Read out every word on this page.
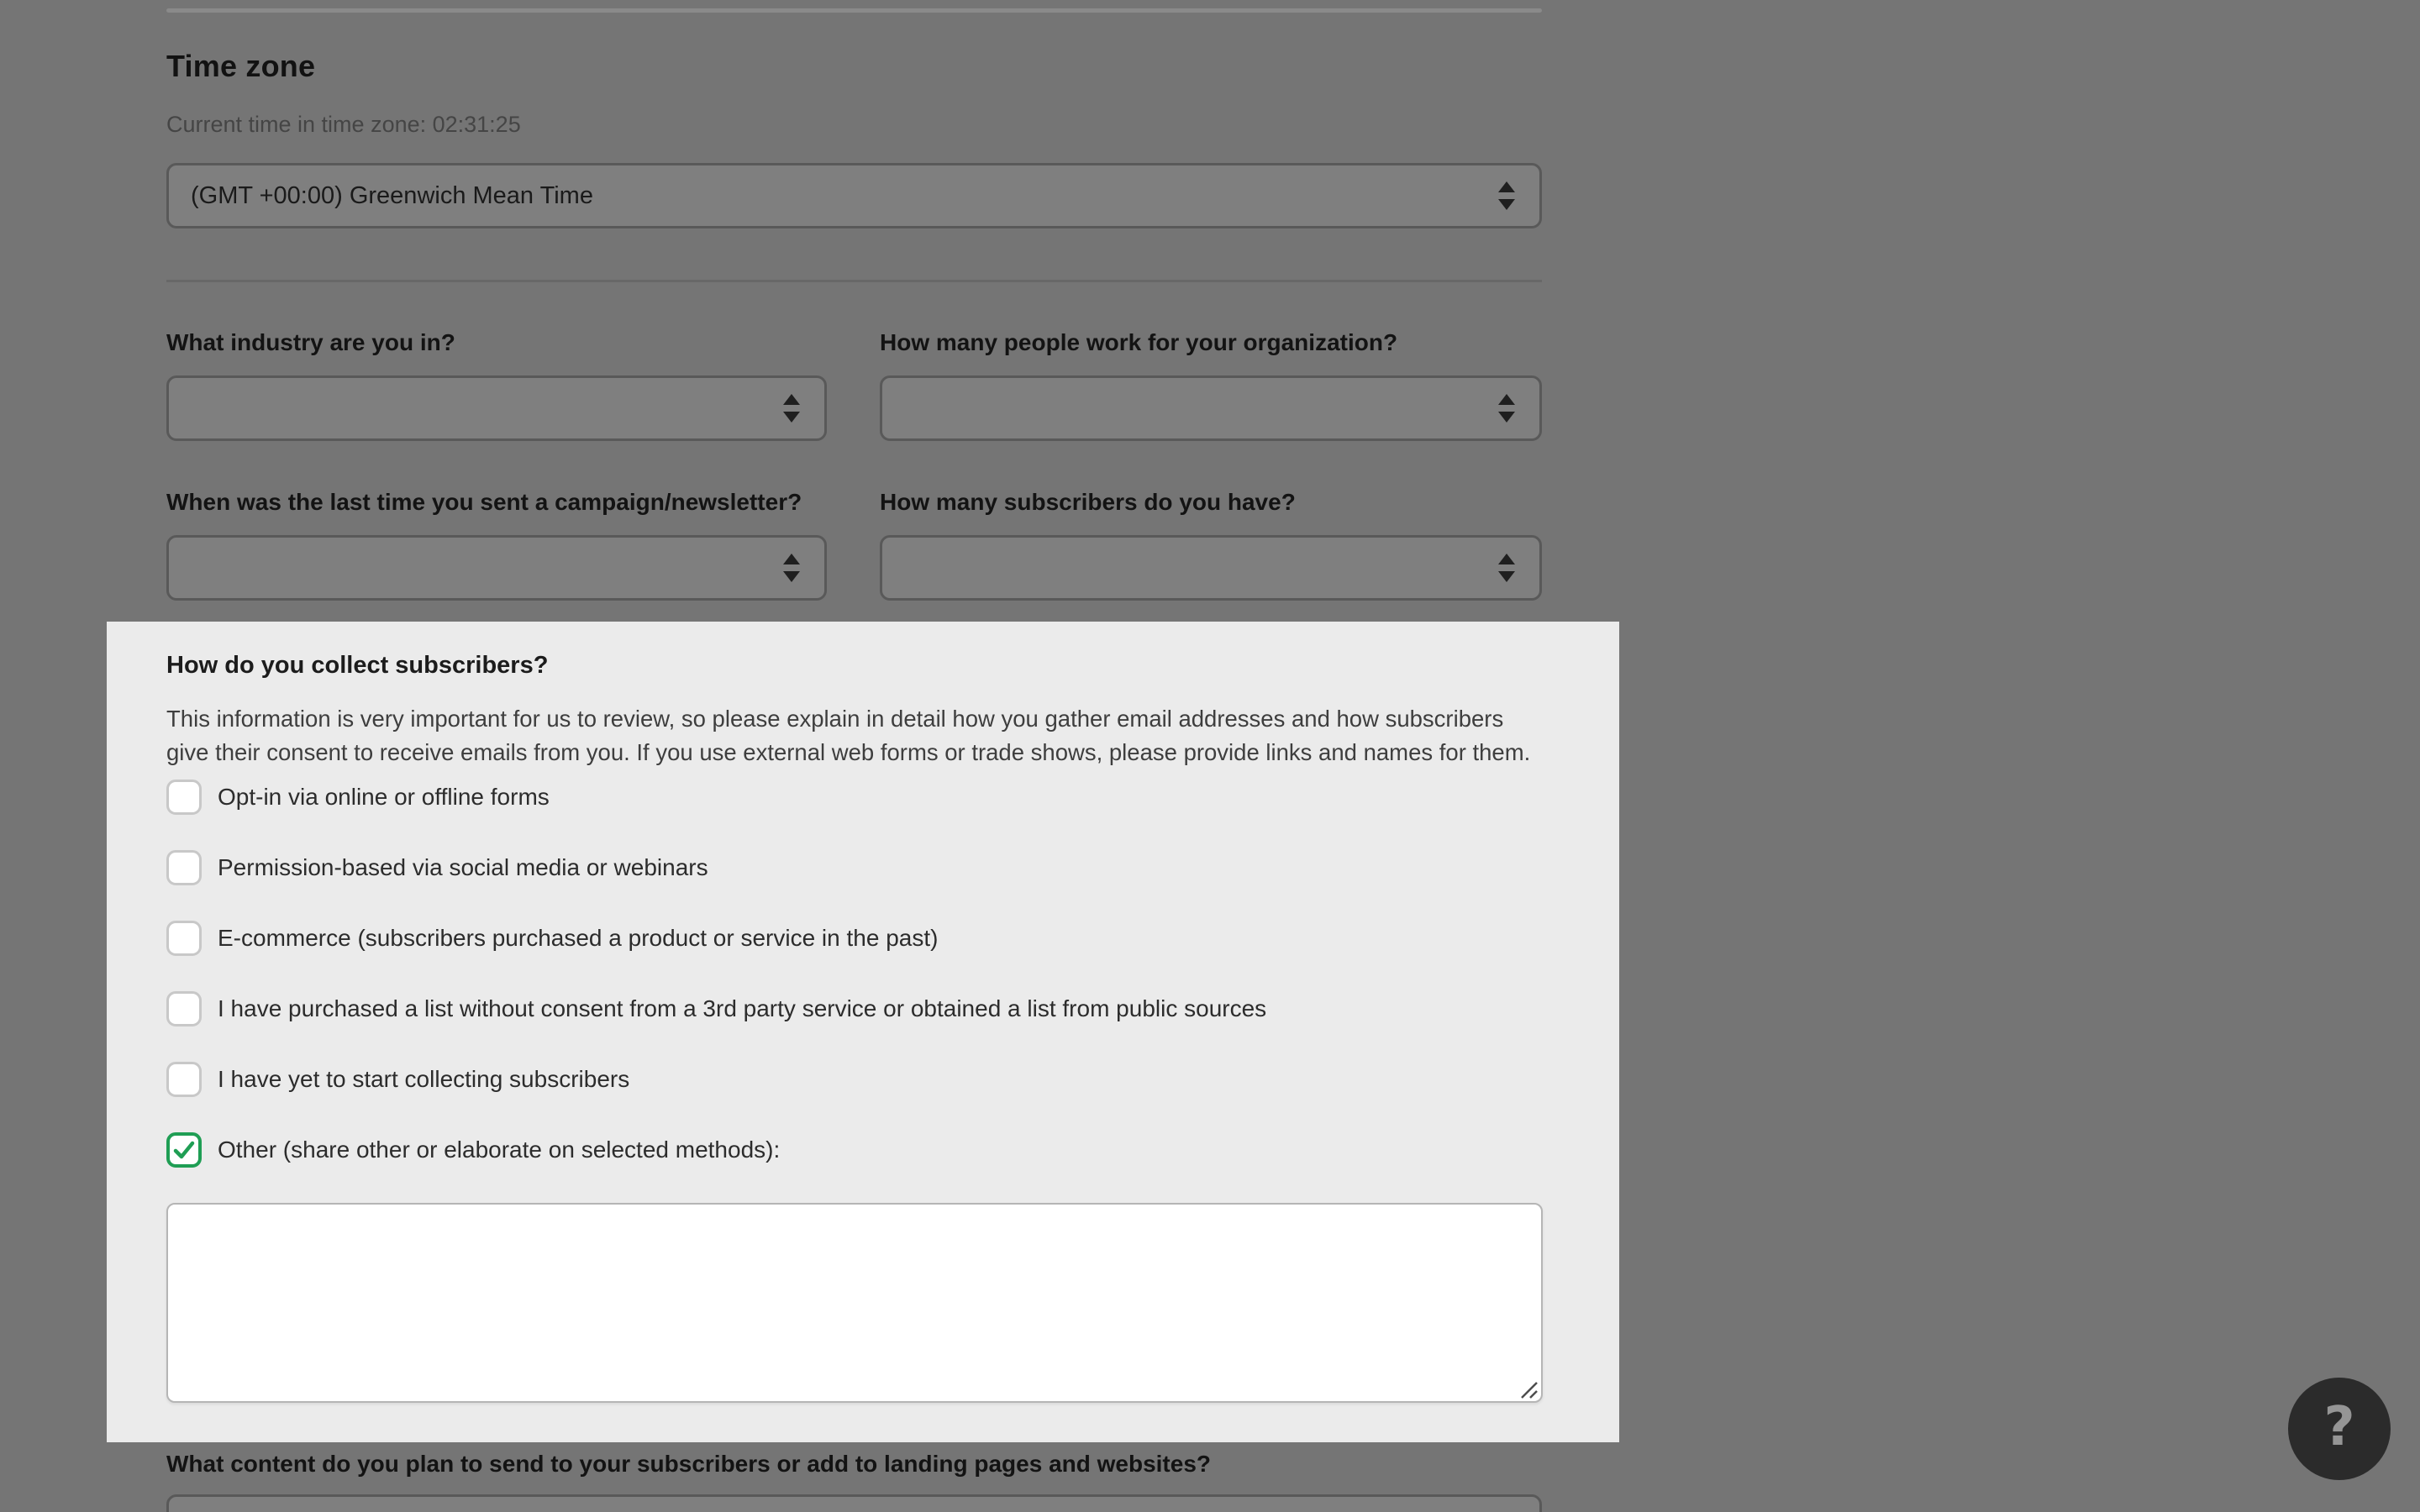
Time zone
Current time in time zone: 02:31:25
(GMT +00:00) Greenwich Mean Time
What industry are you in?	How many people work for your organization?
When was the last time you sent a campaign/newsletter?	How many subscribers do you have?
How do you collect subscribers?
This information is very important for us to review, so please explain in detail how you gather email addresses and how subscribers
give their consent to receive emails from you. If you use external web forms or trade shows, please provide links and names for them.
Opt-in via online or offline forms
Permission-based via social media or webinars
E-commerce (subscribers purchased a product or service in the past)
I have purchased a list without consent from a 3rd party service or obtained a list from public sources
I have yet to start collecting subscribers
Other (share other or elaborate on selected methods):
What content do you plan to send to your subscribers or add to landing pages and websites?
?
